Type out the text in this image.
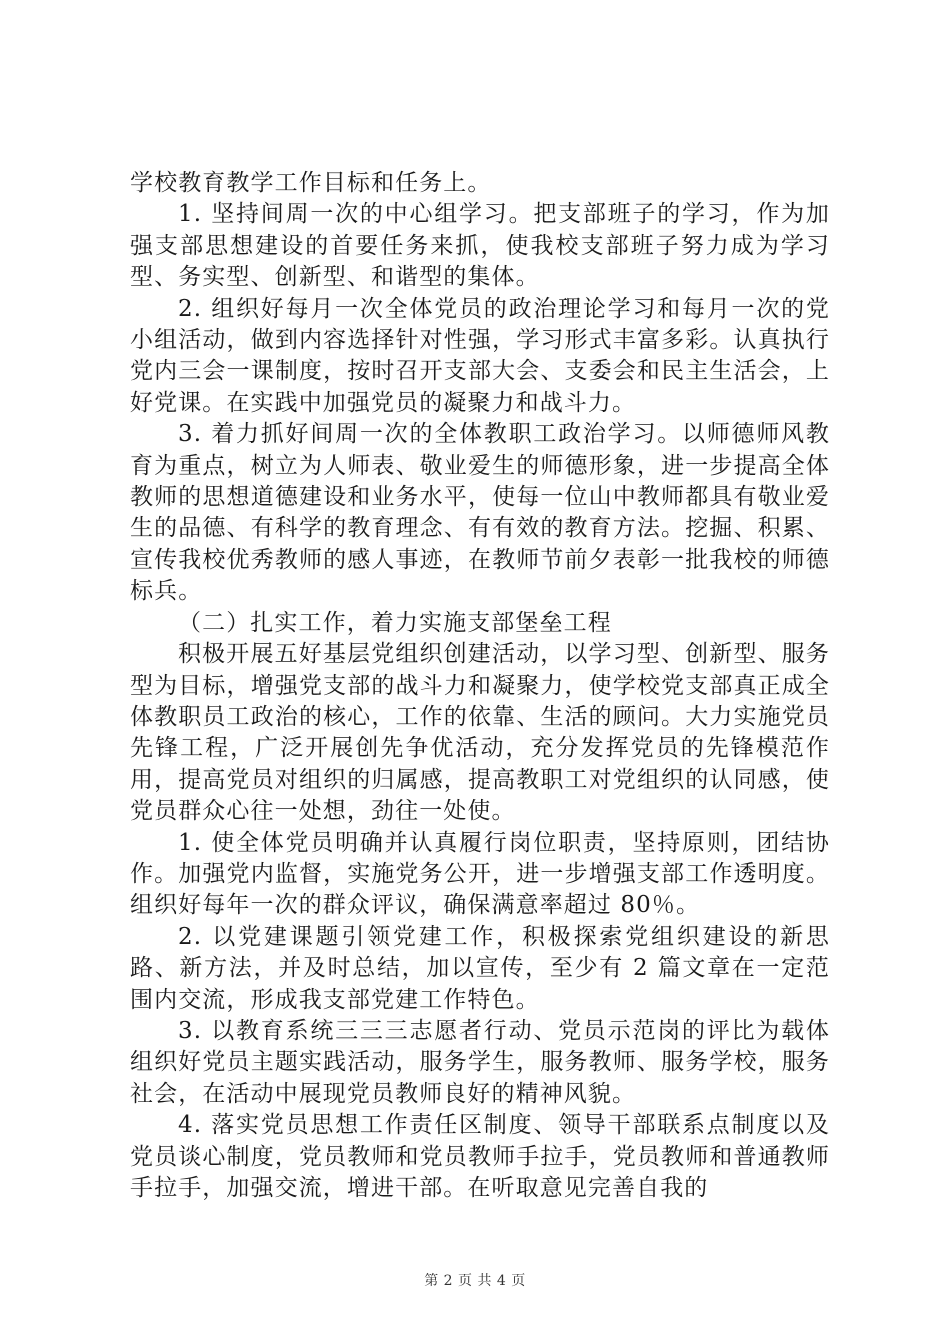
学校教育教学工作目标和任务上。

1. 坚持间周一次的中心组学习。把支部班子的学习，作为加强支部思想建设的首要任务来抓，使我校支部班子努力成为学习型、务实型、创新型、和谐型的集体。

2. 组织好每月一次全体党员的政治理论学习和每月一次的党小组活动，做到内容选择针对性强，学习形式丰富多彩。认真执行党内三会一课制度，按时召开支部大会、支委会和民主生活会，上好党课。在实践中加强党员的凝聚力和战斗力。

3. 着力抓好间周一次的全体教职工政治学习。以师德师风教育为重点，树立为人师表、敬业爱生的师德形象，进一步提高全体教师的思想道德建设和业务水平，使每一位山中教师都具有敬业爱生的品德、有科学的教育理念、有有效的教育方法。挖掘、积累、宣传我校优秀教师的感人事迹，在教师节前夕表彰一批我校的师德标兵。

（二）扎实工作，着力实施支部堡垒工程

积极开展五好基层党组织创建活动，以学习型、创新型、服务型为目标，增强党支部的战斗力和凝聚力，使学校党支部真正成全体教职员工政治的核心，工作的依靠、生活的顾问。大力实施党员先锋工程，广泛开展创先争优活动，充分发挥党员的先锋模范作用，提高党员对组织的归属感，提高教职工对党组织的认同感，使党员群众心往一处想，劲往一处使。

1. 使全体党员明确并认真履行岗位职责，坚持原则，团结协作。加强党内监督，实施党务公开，进一步增强支部工作透明度。组织好每年一次的群众评议，确保满意率超过 80％。

2. 以党建课题引领党建工作，积极探索党组织建设的新思路、新方法，并及时总结，加以宣传，至少有 2 篇文章在一定范围内交流，形成我支部党建工作特色。

3. 以教育系统三三三志愿者行动、党员示范岗的评比为载体组织好党员主题实践活动，服务学生，服务教师、服务学校，服务社会，在活动中展现党员教师良好的精神风貌。

4. 落实党员思想工作责任区制度、领导干部联系点制度以及党员谈心制度，党员教师和党员教师手拉手，党员教师和普通教师手拉手，加强交流，增进干部。在听取意见完善自我的

第 2 页 共 4 页
